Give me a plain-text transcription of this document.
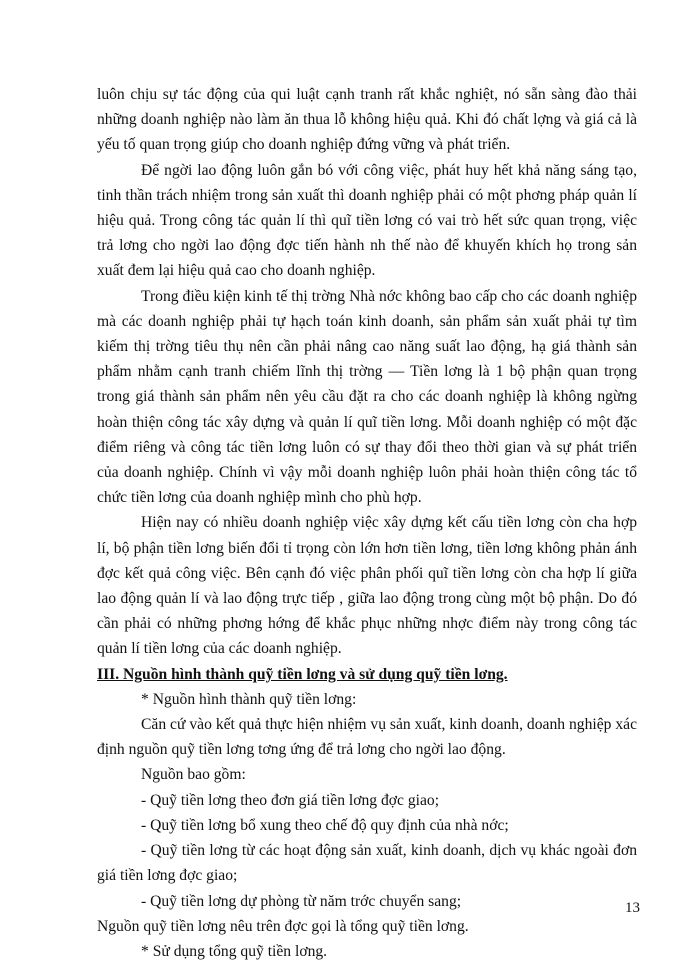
luôn chịu sự tác động của qui luật cạnh tranh rất khắc nghiệt, nó sẵn sàng đào thải những doanh nghiệp nào làm ăn thua lỗ không hiệu quả. Khi đó chất lợng và giá cả là yếu tố quan trọng giúp cho doanh nghiệp đứng vững và phát triển.

Để ngời lao động luôn gắn bó với công việc, phát huy hết khả năng sáng tạo, tinh thần trách nhiệm trong sản xuất thì doanh nghiệp phải có một phơng pháp quản lí hiệu quả. Trong công tác quản lí thì quĩ tiền lơng có vai trò hết sức quan trọng, việc trả lơng cho ngời lao động đợc tiến hành nh thế nào để khuyến khích họ trong sản xuất đem lại hiệu quả cao cho doanh nghiệp.

Trong điều kiện kinh tế thị trờng Nhà nớc không bao cấp cho các doanh nghiệp mà các doanh nghiệp phải tự hạch toán kinh doanh, sản phẩm sản xuất phải tự tìm kiếm thị trờng tiêu thụ nên cần phải nâng cao năng suất lao động, hạ giá thành sản phẩm nhằm cạnh tranh chiếm lĩnh thị trờng — Tiền lơng là 1 bộ phận quan trọng trong giá thành sản phẩm nên yêu cầu đặt ra cho các doanh nghiệp là không ngừng hoàn thiện công tác xây dựng và quản lí quĩ tiền lơng. Mỗi doanh nghiệp có một đặc điểm riêng và công tác tiền lơng luôn có sự thay đổi theo thời gian và sự phát triển của doanh nghiệp. Chính vì vậy mỗi doanh nghiệp luôn phải hoàn thiện công tác tổ chức tiền lơng của doanh nghiệp mình cho phù hợp.

Hiện nay có nhiều doanh nghiệp việc xây dựng kết cấu tiền lơng còn cha hợp lí, bộ phận tiền lơng biến đổi tỉ trọng còn lớn hơn tiền lơng, tiền lơng không phản ánh đợc kết quả công việc. Bên cạnh đó việc phân phối quĩ tiền lơng còn cha hợp lí giữa lao động quản lí và lao động trực tiếp , giữa lao động trong cùng một bộ phận. Do đó cần phải có những phơng hớng để khắc phục những nhợc điểm này trong công tác quản lí tiền lơng của các doanh nghiệp.

III. Nguồn hình thành quỹ tiền lơng và sử dụng quỹ tiền lơng.

* Nguồn hình thành quỹ tiền lơng:

Căn cứ vào kết quả thực hiện nhiệm vụ sản xuất, kinh doanh, doanh nghiệp xác định nguồn quỹ tiền lơng tơng ứng để trả lơng cho ngời lao động.

Nguồn bao gồm:

- Quỹ tiền lơng theo đơn giá tiền lơng đợc giao;

- Quỹ tiền lơng bổ xung theo chế độ quy định của nhà nớc;

- Quỹ tiền lơng từ các hoạt động sản xuất, kinh doanh, dịch vụ khác ngoài đơn giá tiền lơng đợc giao;

- Quỹ tiền lơng dự phòng từ năm trớc chuyển sang;

Nguồn quỹ tiền lơng nêu trên đợc gọi là tổng quỹ tiền lơng.

* Sử dụng tổng quỹ tiền lơng.

13
